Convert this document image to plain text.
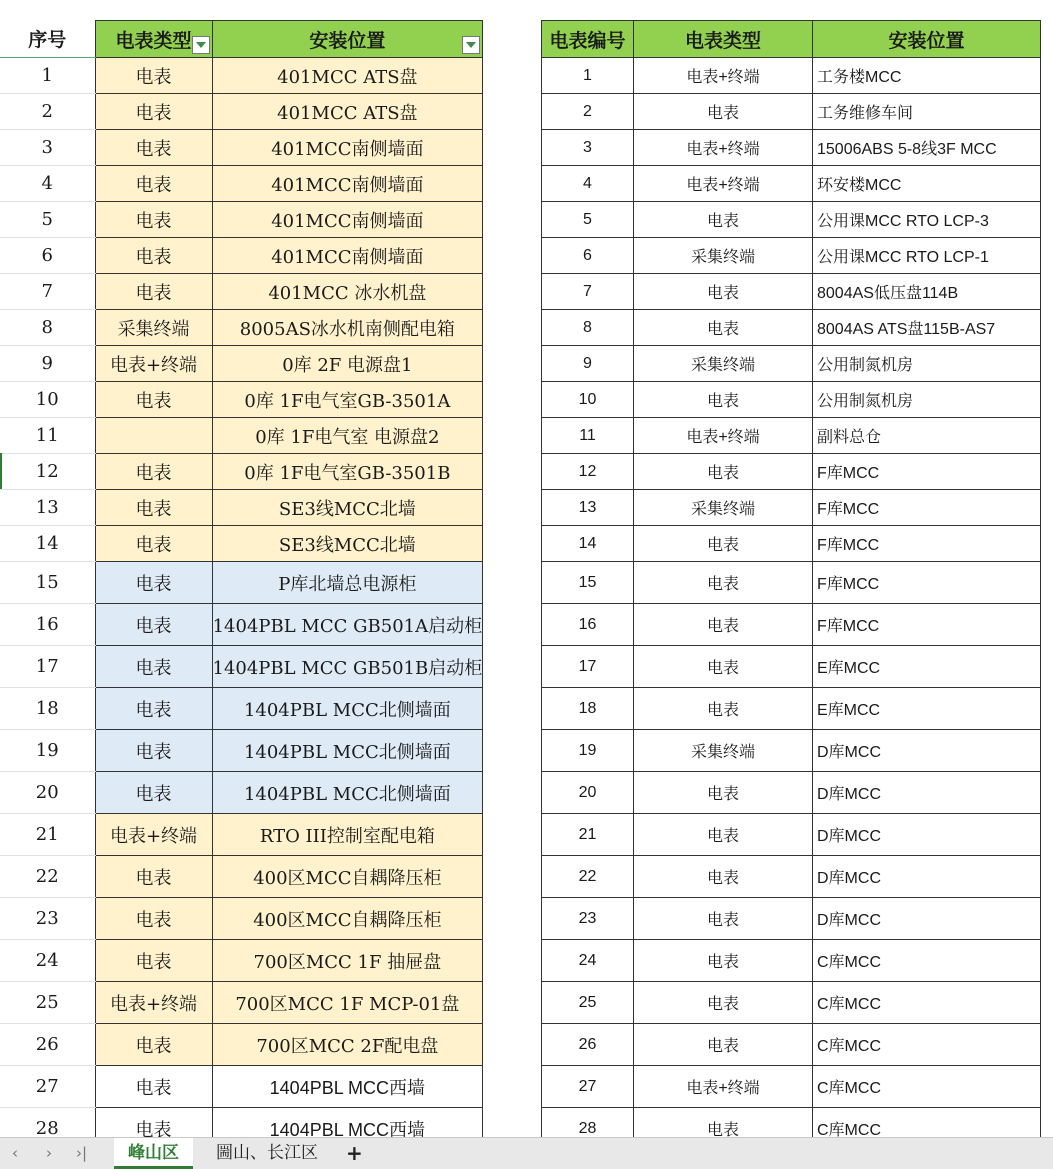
序号	电表类型	安装位置

1	电表	401MCC ATS盘
2	电表	401MCC ATS盘
3	电表	401MCC南侧墙面
4	电表	401MCC南侧墙面
5	电表	401MCC南侧墙面
6	电表	401MCC南侧墙面
7	电表	401MCC 冰水机盘
8	采集终端	8005AS冰水机南侧配电箱
9	电表+终端	0库 2F 电源盘1
10	电表	0库 1F电气室GB-3501A
11		0库 1F电气室 电源盘2
12	电表	0库 1F电气室GB-3501B
13	电表	SE3线MCC北墙
14	电表	SE3线MCC北墙
15	电表	P库北墙总电源柜
16	电表	1404PBL MCC GB501A启动柜
17	电表	1404PBL MCC GB501B启动柜
18	电表	1404PBL MCC北侧墙面
19	电表	1404PBL MCC北侧墙面
20	电表	1404PBL MCC北侧墙面
21	电表+终端	RTO III控制室配电箱
22	电表	400区MCC自耦降压柜
23	电表	400区MCC自耦降压柜
24	电表	700区MCC 1F 抽屉盘
25	电表+终端	700区MCC 1F MCP-01盘
26	电表	700区MCC 2F配电盘
27	电表	1404PBL MCC西墙
28	电表	1404PBL MCC西墙
电表编号	电表类型	安装位置
1	电表+终端	工务楼MCC
2	电表	工务维修车间
3	电表+终端	15006ABS 5-8线3F MCC
4	电表+终端	环安楼MCC
5	电表	公用课MCC RTO LCP-3
6	采集终端	公用课MCC RTO LCP-1
7	电表	8004AS低压盘114B
8	电表	8004AS ATS盘115B-AS7
9	采集终端	公用制氮机房
10	电表	公用制氮机房
11	电表+终端	副料总仓
12	电表	F库MCC
13	采集终端	F库MCC
14	电表	F库MCC
15	电表	F库MCC
16	电表	F库MCC
17	电表	E库MCC
18	电表	E库MCC
19	采集终端	D库MCC
20	电表	D库MCC
21	电表	D库MCC
22	电表	D库MCC
23	电表	D库MCC
24	电表	C库MCC
25	电表	C库MCC
26	电表	C库MCC
27	电表+终端	C库MCC
28	电表	C库MCC
‹ › ›|	峰山区	圌山、长江区	+
